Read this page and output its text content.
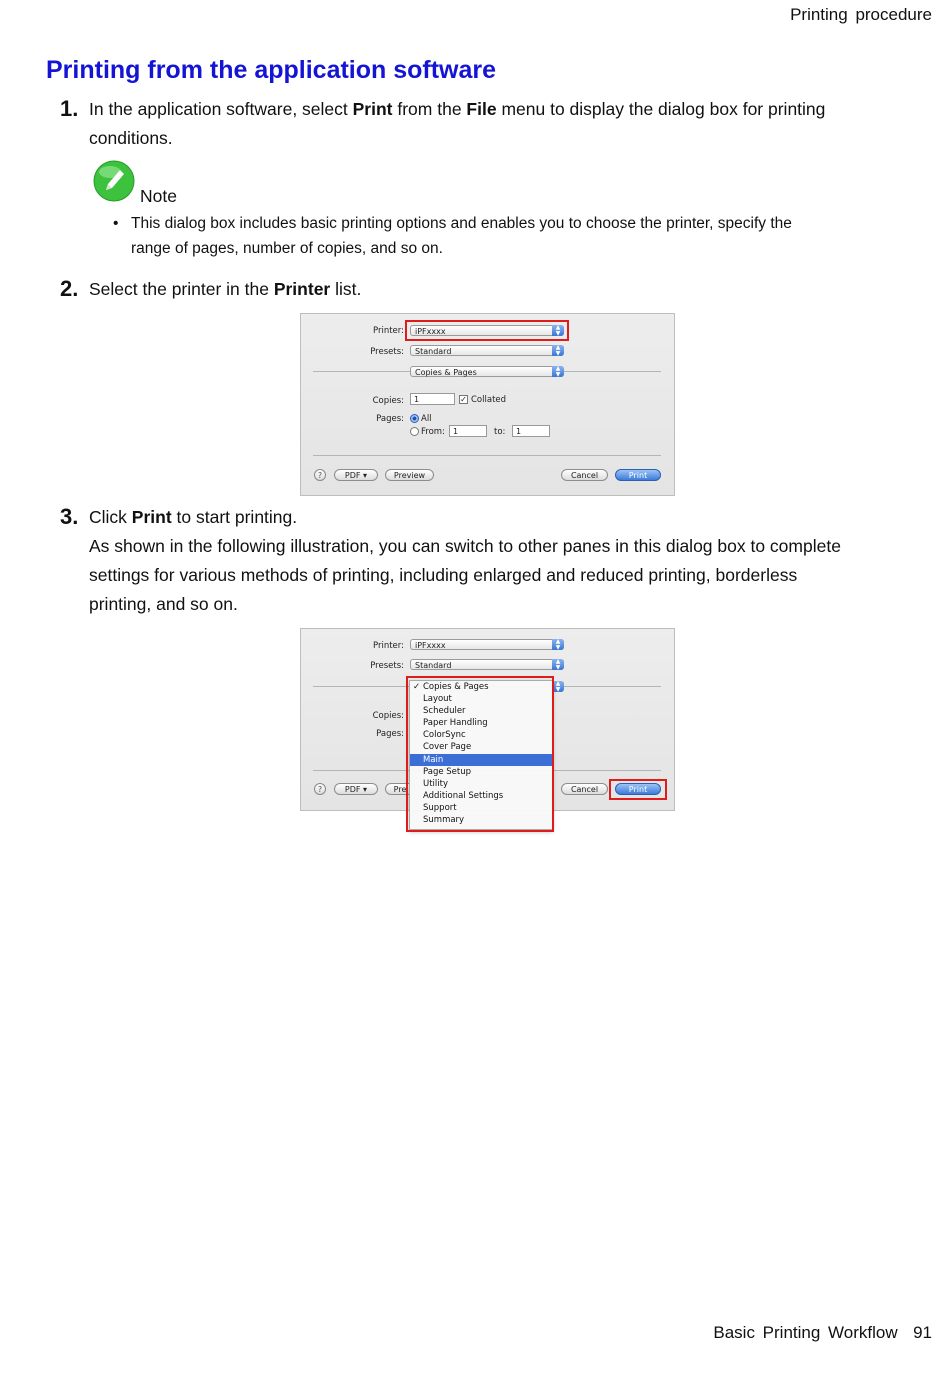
Printing procedure
Printing from the application software
1. In the application software, select Print from the File menu to display the dialog box for printing
conditions.
Note
• This dialog box includes basic printing options and enables you to choose the printer, specify the
range of pages, number of copies, and so on.
2. Select the printer in the Printer list.
Printer:	iPFxxxx	▲
▼
Presets:	Standard	▲
▼
Copies & Pages	▲
▼
Copies:	1	✓ Collated
Pages: All
From:	1	to:	1
?	PDF ▾	Preview	Cancel	Print
3. Click Print to start printing.
As shown in the following illustration, you can switch to other panes in this dialog box to complete
settings for various methods of printing, including enlarged and reduced printing, borderless
printing, and so on.
Printer:	iPFxxxx	▲
▼
Presets:	Standard	▲
▼
▲
▼
Copies:
Pages:
?	PDF ▾	Pre	Cancel	Print
✓ Copies & Pages
Layout
Scheduler
Paper Handling
ColorSync
Cover Page
Main
Page Setup
Utility
Additional Settings
Support
Summary
Basic Printing Workflow 91
